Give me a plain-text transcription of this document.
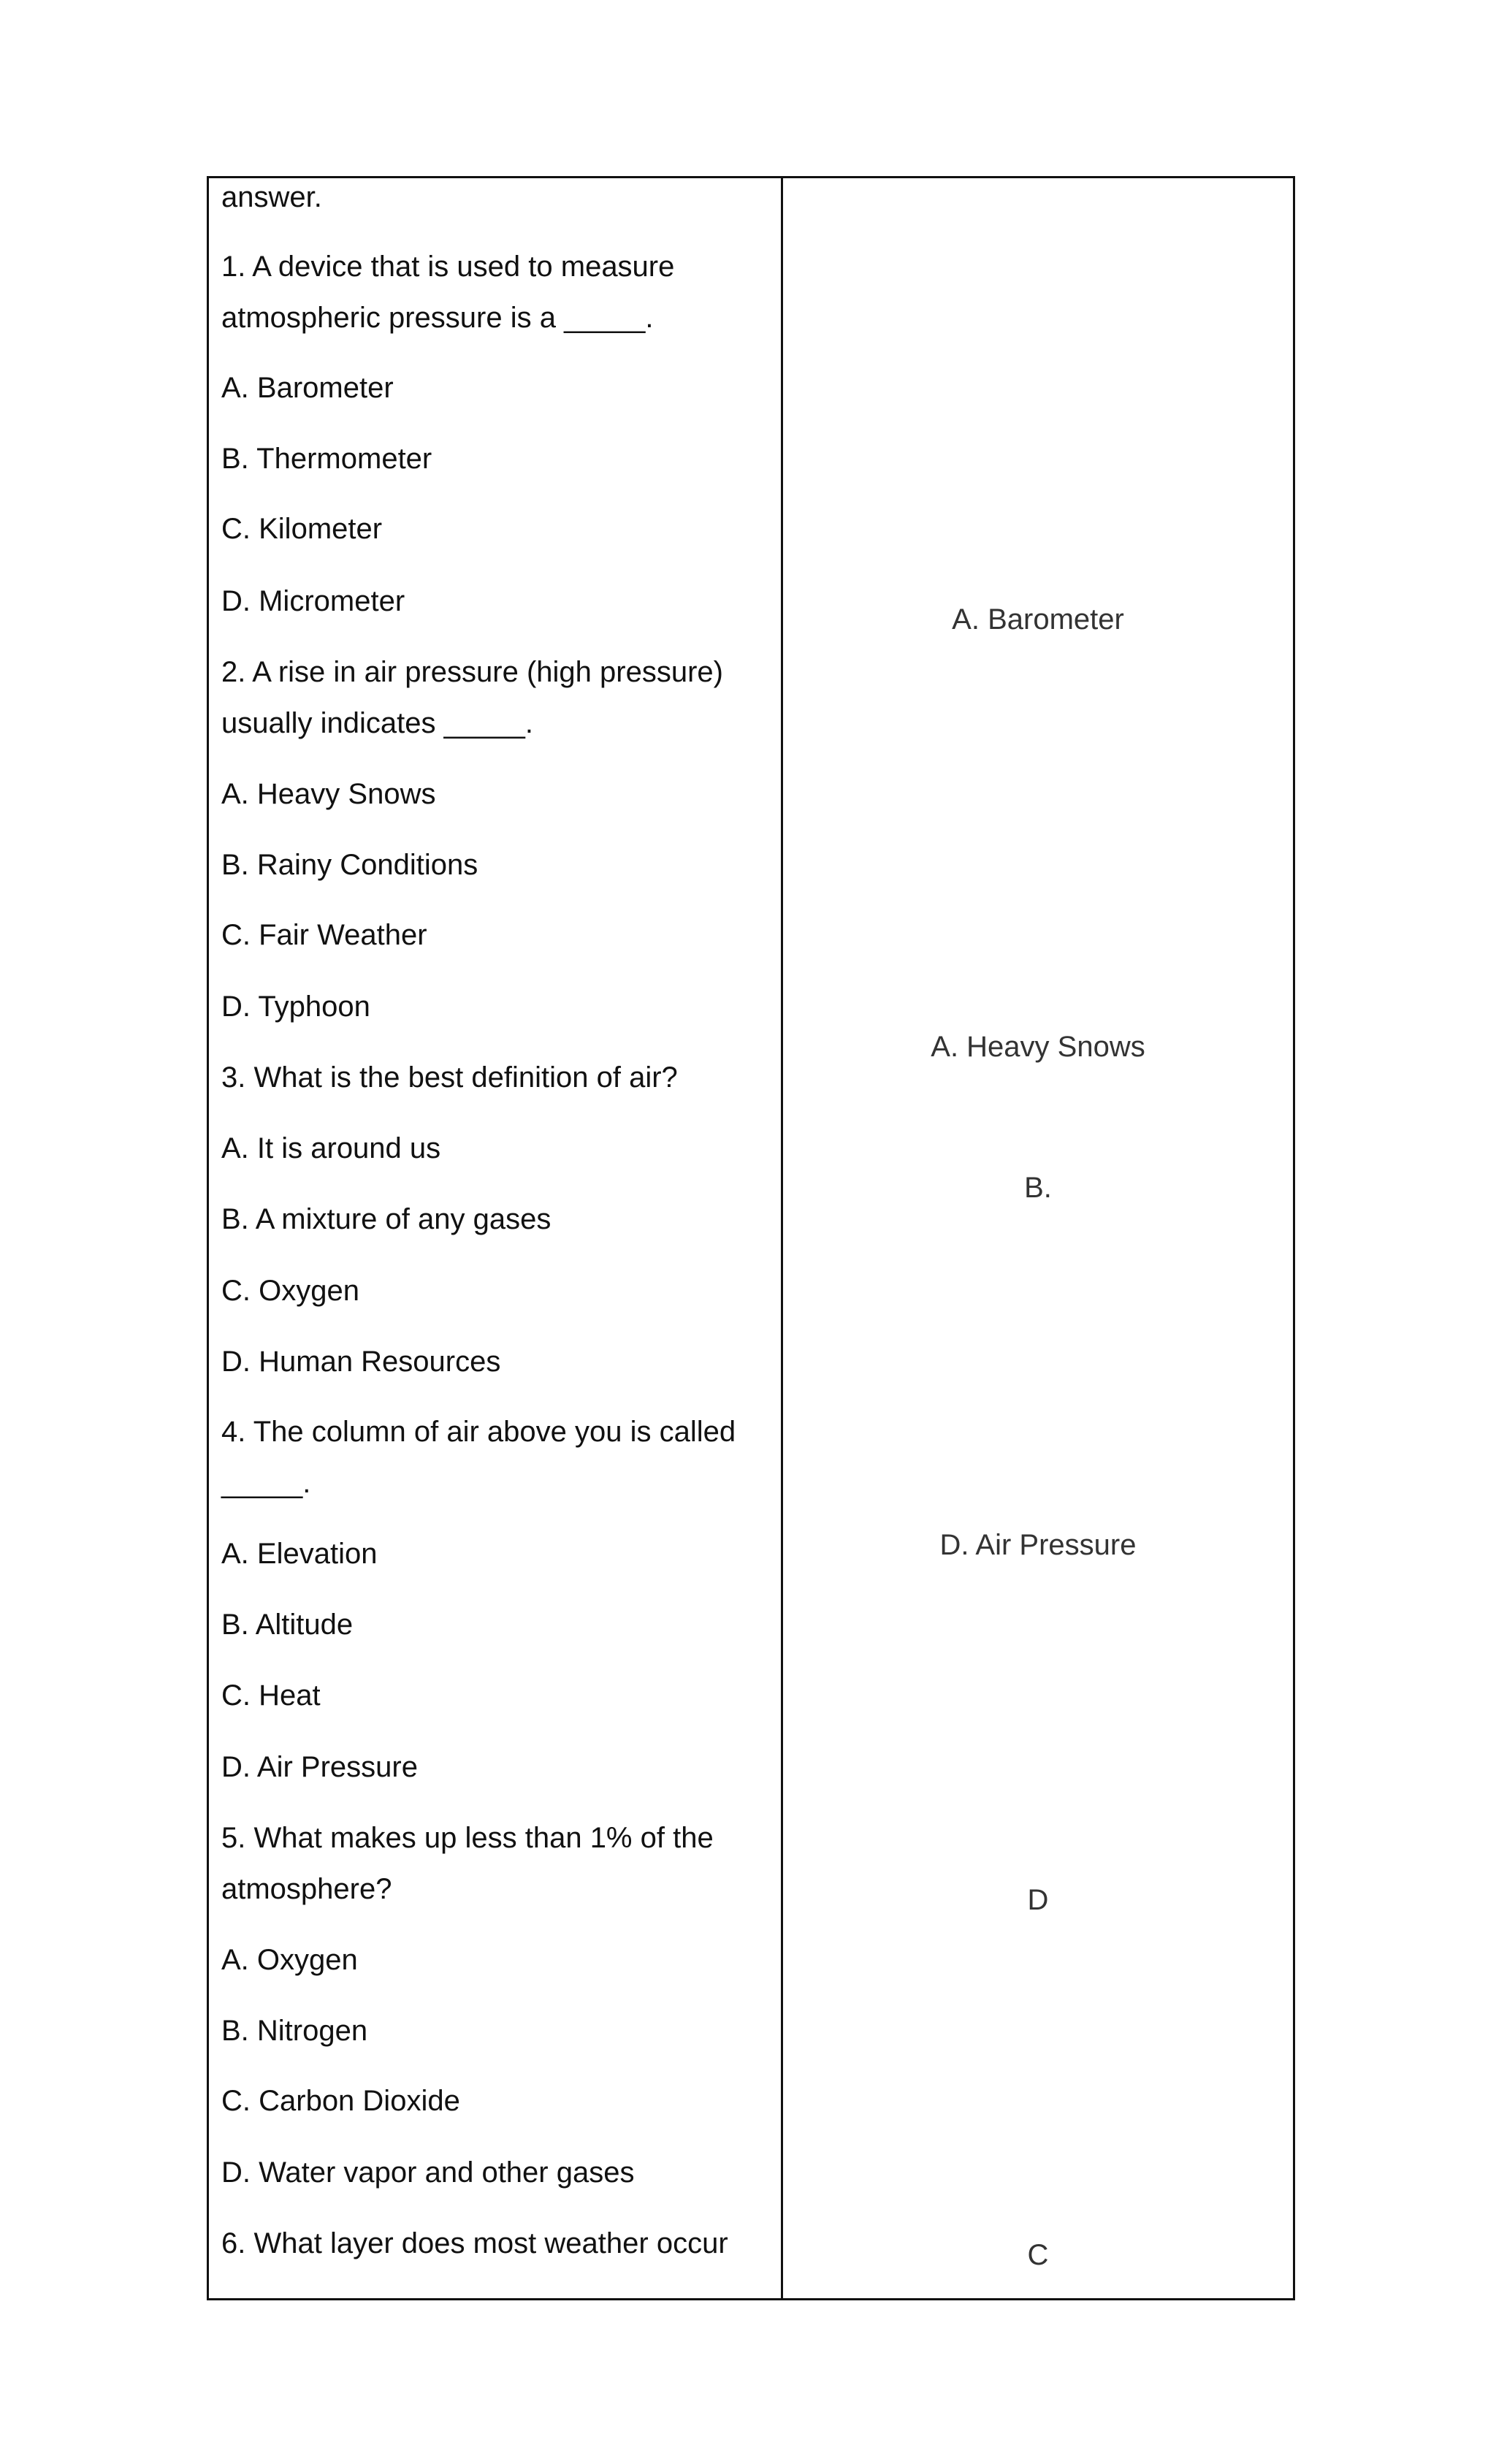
answer.
1. A device that is used to measure
atmospheric pressure is a _____.
A. Barometer
B. Thermometer
C. Kilometer
D. Micrometer
2. A rise in air pressure (high pressure)
usually indicates _____.
A. Heavy Snows
B. Rainy Conditions
C. Fair Weather
D. Typhoon
3. What is the best definition of air?
A. It is around us
B. A mixture of any gases
C. Oxygen
D. Human Resources
4. The column of air above you is called
_____.
A. Elevation
B. Altitude
C. Heat
D. Air Pressure
5. What makes up less than 1% of the
atmosphere?
A. Oxygen
B. Nitrogen
C. Carbon Dioxide
D. Water vapor and other gases
6. What layer does most weather occur
A. Barometer
A. Heavy Snows
B.
D. Air Pressure
D
C
